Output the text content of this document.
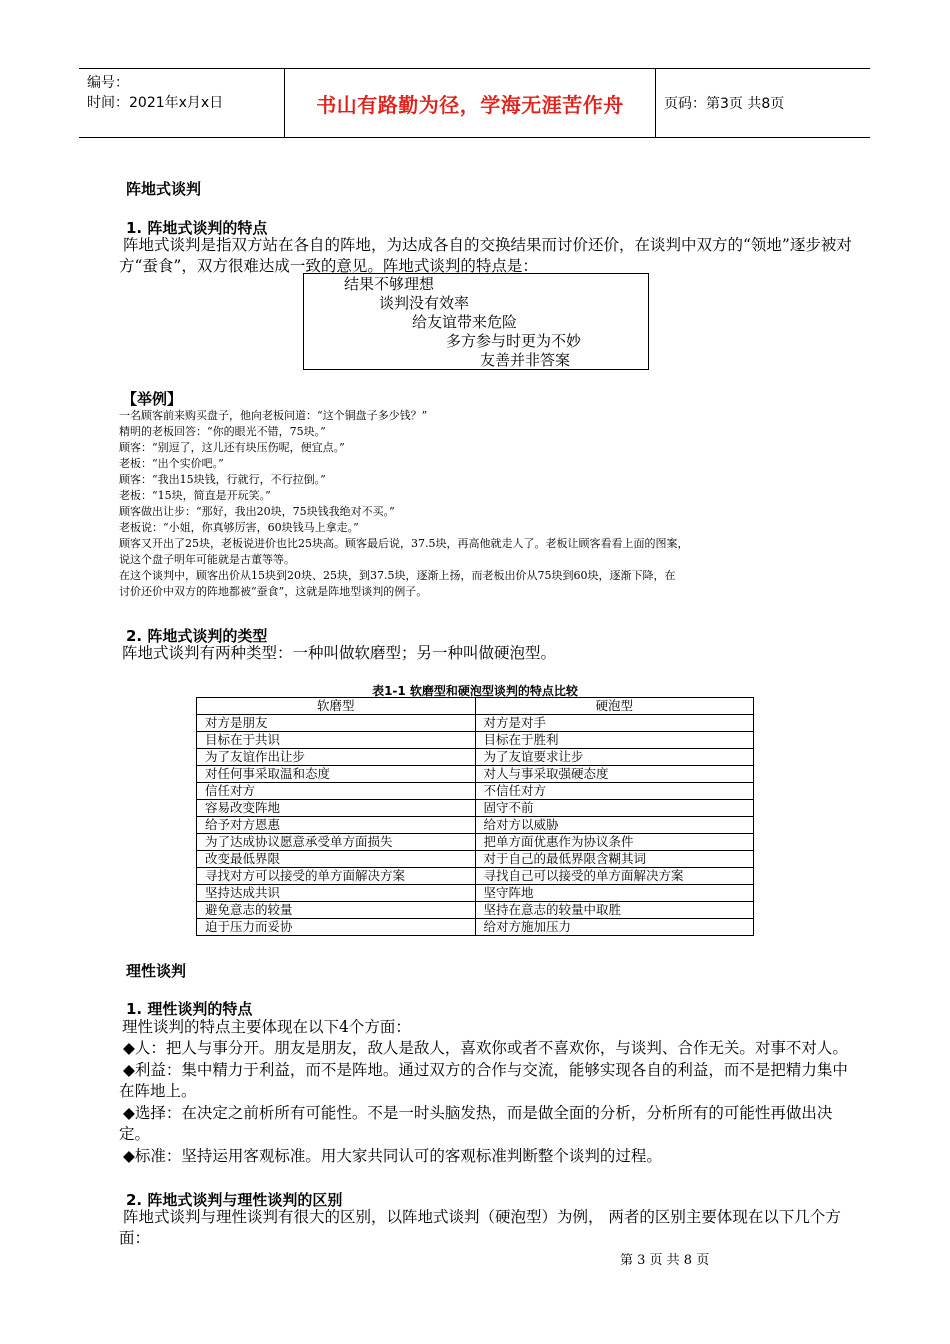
编号：
时间：2021年x月x日	书山有路勤为径，学海无涯苦作舟	页码：第3页 共8页
阵地式谈判
1. 阵地式谈判的特点
阵地式谈判是指双方站在各自的阵地，为达成各自的交换结果而讨价还价，在谈判中双方的“领地”逐步被对方“蚕食”，双方很难达成一致的意见。阵地式谈判的特点是：
结果不够理想
谈判没有效率
给友谊带来危险
多方参与时更为不妙
友善并非答案
【举例】
一名顾客前来购买盘子，他向老板问道：“这个铜盘子多少钱？”
精明的老板回答：“你的眼光不错，75块。”
顾客：“别逗了，这儿还有块压伤呢，便宜点。”
老板：“出个实价吧。”
顾客：“我出15块钱，行就行，不行拉倒。”
老板：“15块，简直是开玩笑。”
顾客做出让步：“那好，我出20块，75块钱我绝对不买。”
老板说：“小姐，你真够厉害，60块钱马上拿走。”
顾客又开出了25块，老板说进价也比25块高。顾客最后说，37.5块，再高他就走人了。老板让顾客看看上面的图案，
说这个盘子明年可能就是古董等等。
在这个谈判中，顾客出价从15块到20块、25块，到37.5块，逐渐上扬，而老板出价从75块到60块，逐渐下降，在
讨价还价中双方的阵地都被“蚕食”，这就是阵地型谈判的例子。
2. 阵地式谈判的类型
阵地式谈判有两种类型：一种叫做软磨型；另一种叫做硬泡型。
表1-1 软磨型和硬泡型谈判的特点比较
软磨型	硬泡型
对方是朋友	对方是对手
目标在于共识	目标在于胜利
为了友谊作出让步	为了友谊要求让步
对任何事采取温和态度	对人与事采取强硬态度
信任对方	不信任对方
容易改变阵地	固守不前
给予对方恩惠	给对方以威胁
为了达成协议愿意承受单方面损失	把单方面优惠作为协议条件
改变最低界限	对于自己的最低界限含糊其词
寻找对方可以接受的单方面解决方案	寻找自己可以接受的单方面解决方案
坚持达成共识	坚守阵地
避免意志的较量	坚持在意志的较量中取胜
迫于压力而妥协	给对方施加压力
理性谈判
1. 理性谈判的特点
理性谈判的特点主要体现在以下4个方面：
◆人：把人与事分开。朋友是朋友，敌人是敌人，喜欢你或者不喜欢你，与谈判、合作无关。对事不对人。
◆利益：集中精力于利益，而不是阵地。通过双方的合作与交流，能够实现各自的利益，而不是把精力集中在阵地上。
◆选择：在决定之前析所有可能性。不是一时头脑发热，而是做全面的分析，分析所有的可能性再做出决定。
◆标准：坚持运用客观标准。用大家共同认可的客观标准判断整个谈判的过程。
2. 阵地式谈判与理性谈判的区别
阵地式谈判与理性谈判有很大的区别，以阵地式谈判（硬泡型）为例， 两者的区别主要体现在以下几个方面：
第 3 页 共 8 页
